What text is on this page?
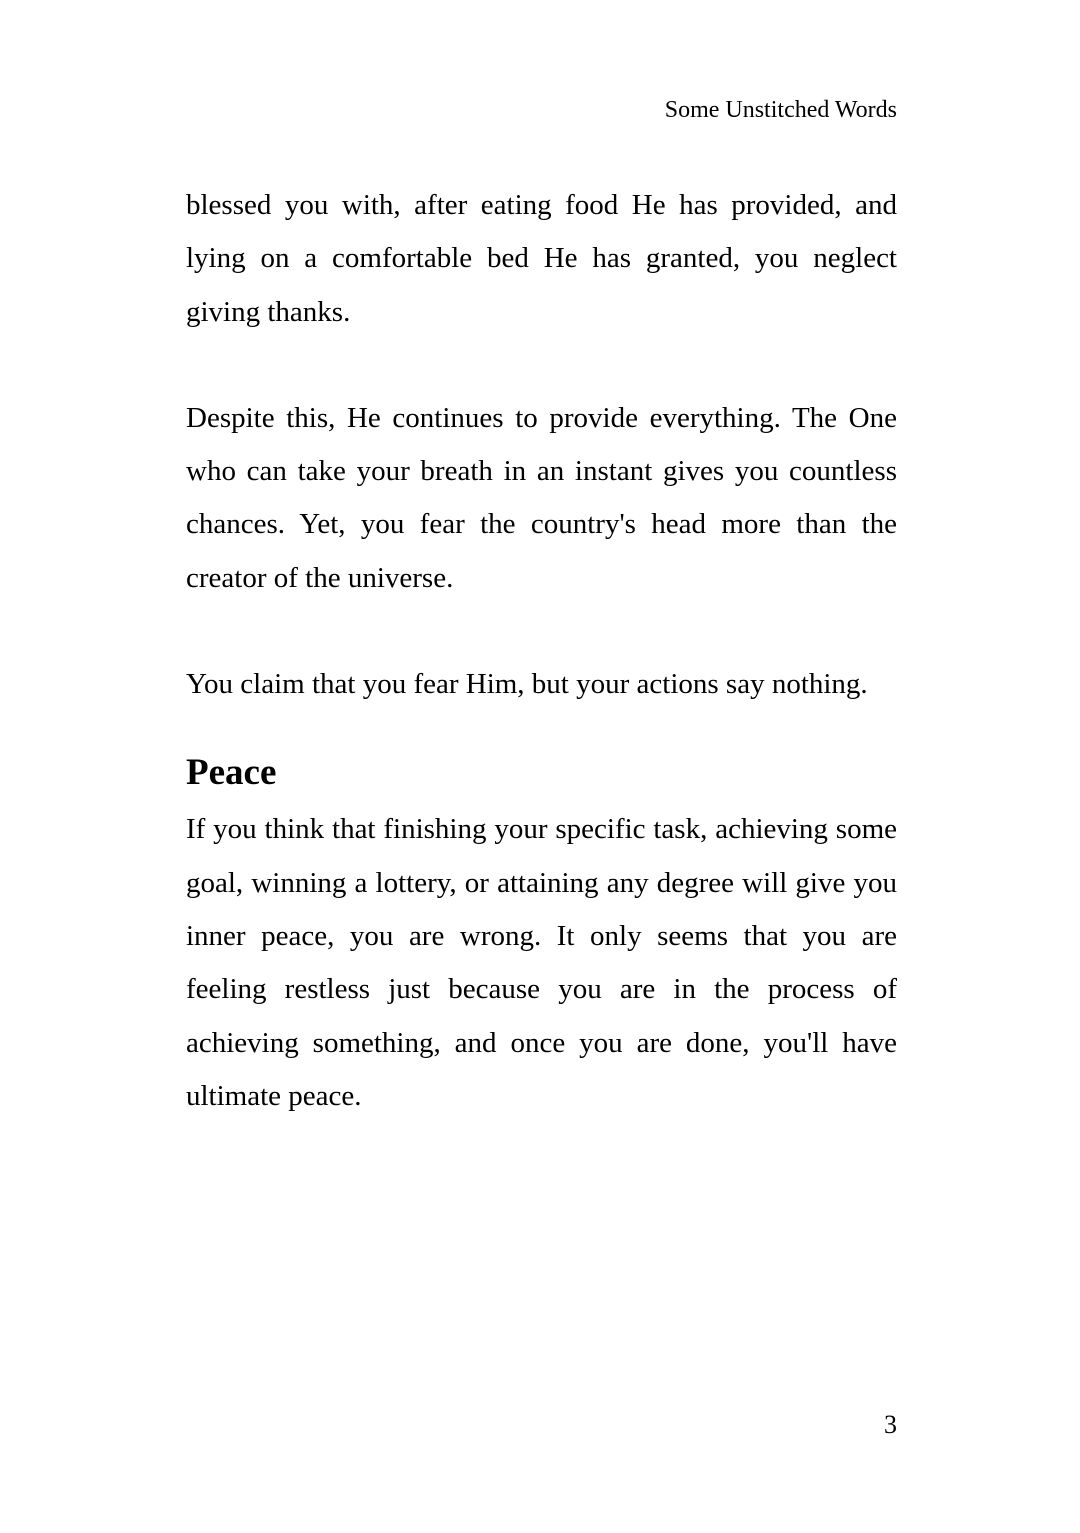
Some Unstitched Words

blessed you with, after eating food He has provided, and lying on a comfortable bed He has granted, you neglect giving thanks.

Despite this, He continues to provide everything. The One who can take your breath in an instant gives you countless chances. Yet, you fear the country's head more than the creator of the universe.

You claim that you fear Him, but your actions say nothing.

Peace

If you think that finishing your specific task, achieving some goal, winning a lottery, or attaining any degree will give you inner peace, you are wrong. It only seems that you are feeling restless just because you are in the process of achieving something, and once you are done, you'll have ultimate peace.

3
